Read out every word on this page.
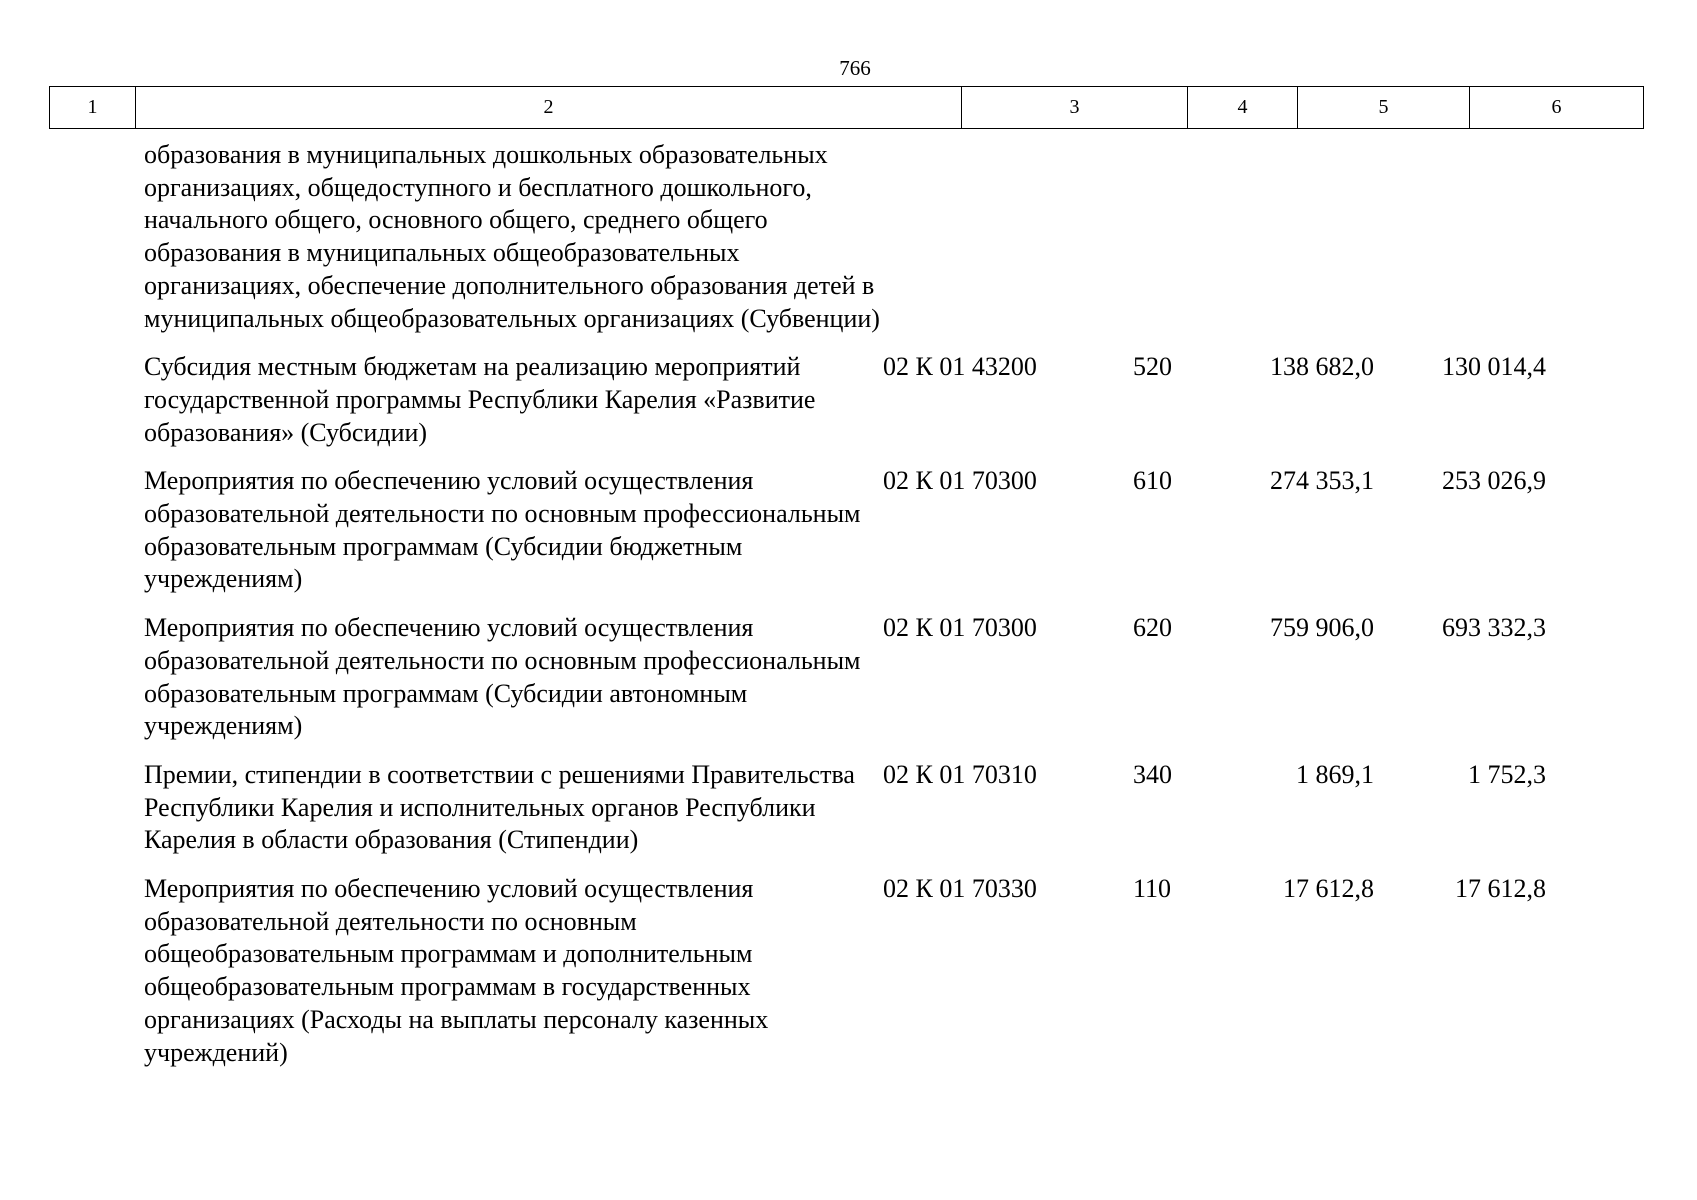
766
1	2	3	4	5	6
образования в муниципальных дошкольных образовательных
организациях, общедоступного и бесплатного дошкольного,
начального общего, основного общего, среднего общего
образования в муниципальных общеобразовательных
организациях, обеспечение дополнительного образования детей в
муниципальных общеобразовательных организациях (Субвенции)
Субсидия местным бюджетам на реализацию мероприятий
государственной программы Республики Карелия «Развитие
образования» (Субсидии)
02 К 01 43200	520	138 682,0	130 014,4
Мероприятия по обеспечению условий осуществления
образовательной деятельности по основным профессиональным
образовательным программам (Субсидии бюджетным
учреждениям)
02 К 01 70300	610	274 353,1	253 026,9
Мероприятия по обеспечению условий осуществления
образовательной деятельности по основным профессиональным
образовательным программам (Субсидии автономным
учреждениям)
02 К 01 70300	620	759 906,0	693 332,3
Премии, стипендии в соответствии с решениями Правительства
Республики Карелия и исполнительных органов Республики
Карелия в области образования (Стипендии)
02 К 01 70310	340	1 869,1	1 752,3
Мероприятия по обеспечению условий осуществления
образовательной деятельности по основным
общеобразовательным программам и дополнительным
общеобразовательным программам в государственных
организациях (Расходы на выплаты персоналу казенных
учреждений)
02 К 01 70330	110	17 612,8	17 612,8
